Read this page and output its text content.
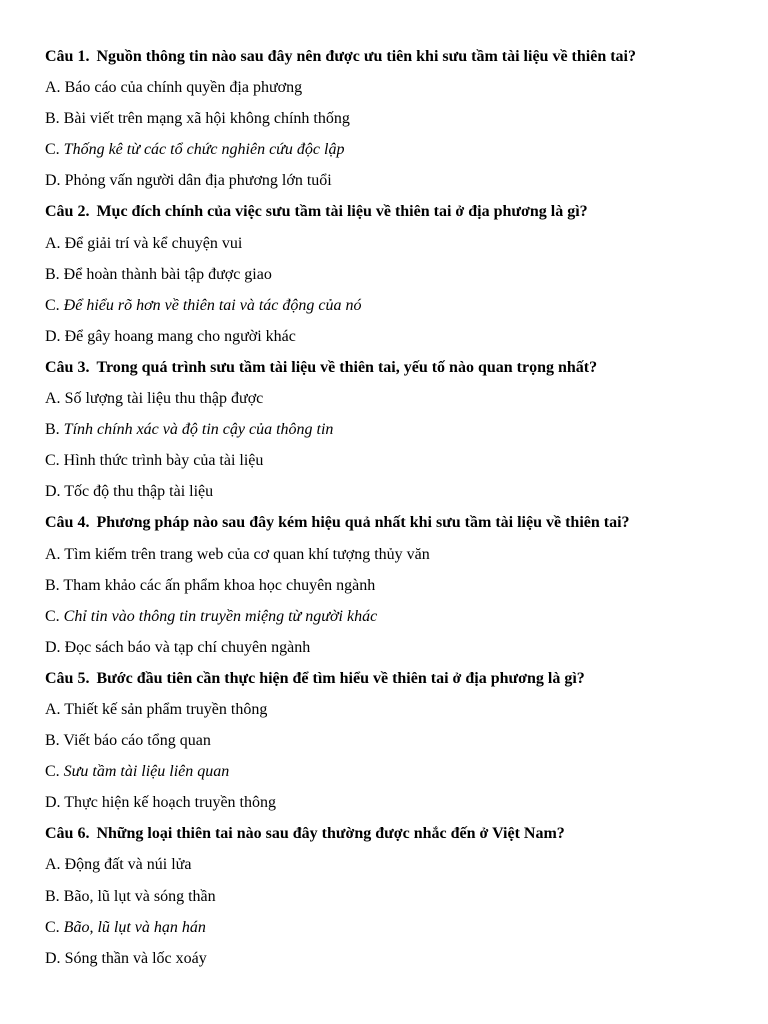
Câu 1. Nguồn thông tin nào sau đây nên được ưu tiên khi sưu tầm tài liệu về thiên tai?
A. Báo cáo của chính quyền địa phương
B. Bài viết trên mạng xã hội không chính thống
C. Thống kê từ các tổ chức nghiên cứu độc lập
D. Phỏng vấn người dân địa phương lớn tuổi
Câu 2. Mục đích chính của việc sưu tầm tài liệu về thiên tai ở địa phương là gì?
A. Để giải trí và kể chuyện vui
B. Để hoàn thành bài tập được giao
C. Để hiểu rõ hơn về thiên tai và tác động của nó
D. Để gây hoang mang cho người khác
Câu 3. Trong quá trình sưu tầm tài liệu về thiên tai, yếu tố nào quan trọng nhất?
A. Số lượng tài liệu thu thập được
B. Tính chính xác và độ tin cậy của thông tin
C. Hình thức trình bày của tài liệu
D. Tốc độ thu thập tài liệu
Câu 4. Phương pháp nào sau đây kém hiệu quả nhất khi sưu tầm tài liệu về thiên tai?
A. Tìm kiếm trên trang web của cơ quan khí tượng thủy văn
B. Tham khảo các ấn phẩm khoa học chuyên ngành
C. Chỉ tin vào thông tin truyền miệng từ người khác
D. Đọc sách báo và tạp chí chuyên ngành
Câu 5. Bước đầu tiên cần thực hiện để tìm hiểu về thiên tai ở địa phương là gì?
A. Thiết kế sản phẩm truyền thông
B. Viết báo cáo tổng quan
C. Sưu tầm tài liệu liên quan
D. Thực hiện kế hoạch truyền thông
Câu 6. Những loại thiên tai nào sau đây thường được nhắc đến ở Việt Nam?
A. Động đất và núi lửa
B. Bão, lũ lụt và sóng thần
C. Bão, lũ lụt và hạn hán
D. Sóng thần và lốc xoáy
